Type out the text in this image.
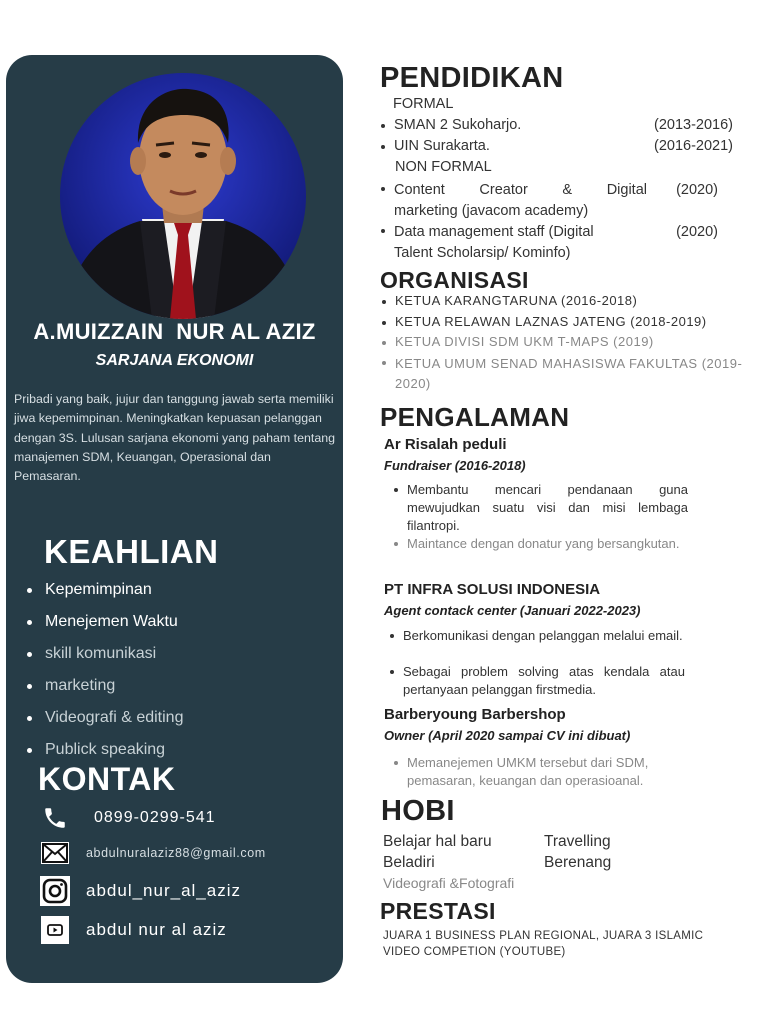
A.MUIZZAIN  NUR AL AZIZ
SARJANA EKONOMI
Pribadi yang baik, jujur dan tanggung jawab serta memiliki jiwa kepemimpinan. Meningkatkan kepuasan pelanggan dengan 3S. Lulusan sarjana ekonomi yang paham tentang manajemen SDM, Keuangan, Operasional dan Pemasaran.
KEAHLIAN
Kepemimpinan
Menejemen Waktu
skill komunikasi
marketing
Videografi & editing
Publick speaking
KONTAK
0899-0299-541
abdulnuralaziz88@gmail.com
abdul_nur_al_aziz
abdul nur al aziz
PENDIDIKAN
FORMAL
SMAN 2 Sukoharjo.	(2013-2016)
UIN Surakarta.	(2016-2021)
NON FORMAL
Content Creator & Digital
marketing (javacom academy)
(2020)
Data management staff (Digital
Talent Scholarsip/ Kominfo)
(2020)
ORGANISASI
KETUA KARANGTARUNA (2016-2018)
KETUA RELAWAN LAZNAS JATENG (2018-2019)
KETUA DIVISI SDM UKM T-MAPS (2019)
KETUA UMUM SENAD MAHASISWA FAKULTAS (2019-2020)
PENGALAMAN
Ar Risalah peduli
Fundraiser (2016-2018)
Membantu mencari pendanaan guna mewujudkan suatu visi dan misi lembaga filantropi.
Maintance dengan donatur yang bersangkutan.
PT INFRA SOLUSI INDONESIA
Agent contack center (Januari 2022-2023)
Berkomunikasi dengan pelanggan melalui email.
Sebagai problem solving atas kendala atau pertanyaan pelanggan firstmedia.
Barberyoung Barbershop
Owner (April 2020 sampai CV ini dibuat)
Memanejemen UMKM tersebut dari SDM, pemasaran, keuangan dan operasioanal.
HOBI
Belajar hal baru	Travelling
Beladiri	Berenang
Videografi &Fotografi
PRESTASI
JUARA 1 BUSINESS PLAN REGIONAL, JUARA 3 ISLAMIC VIDEO COMPETION (YOUTUBE)
